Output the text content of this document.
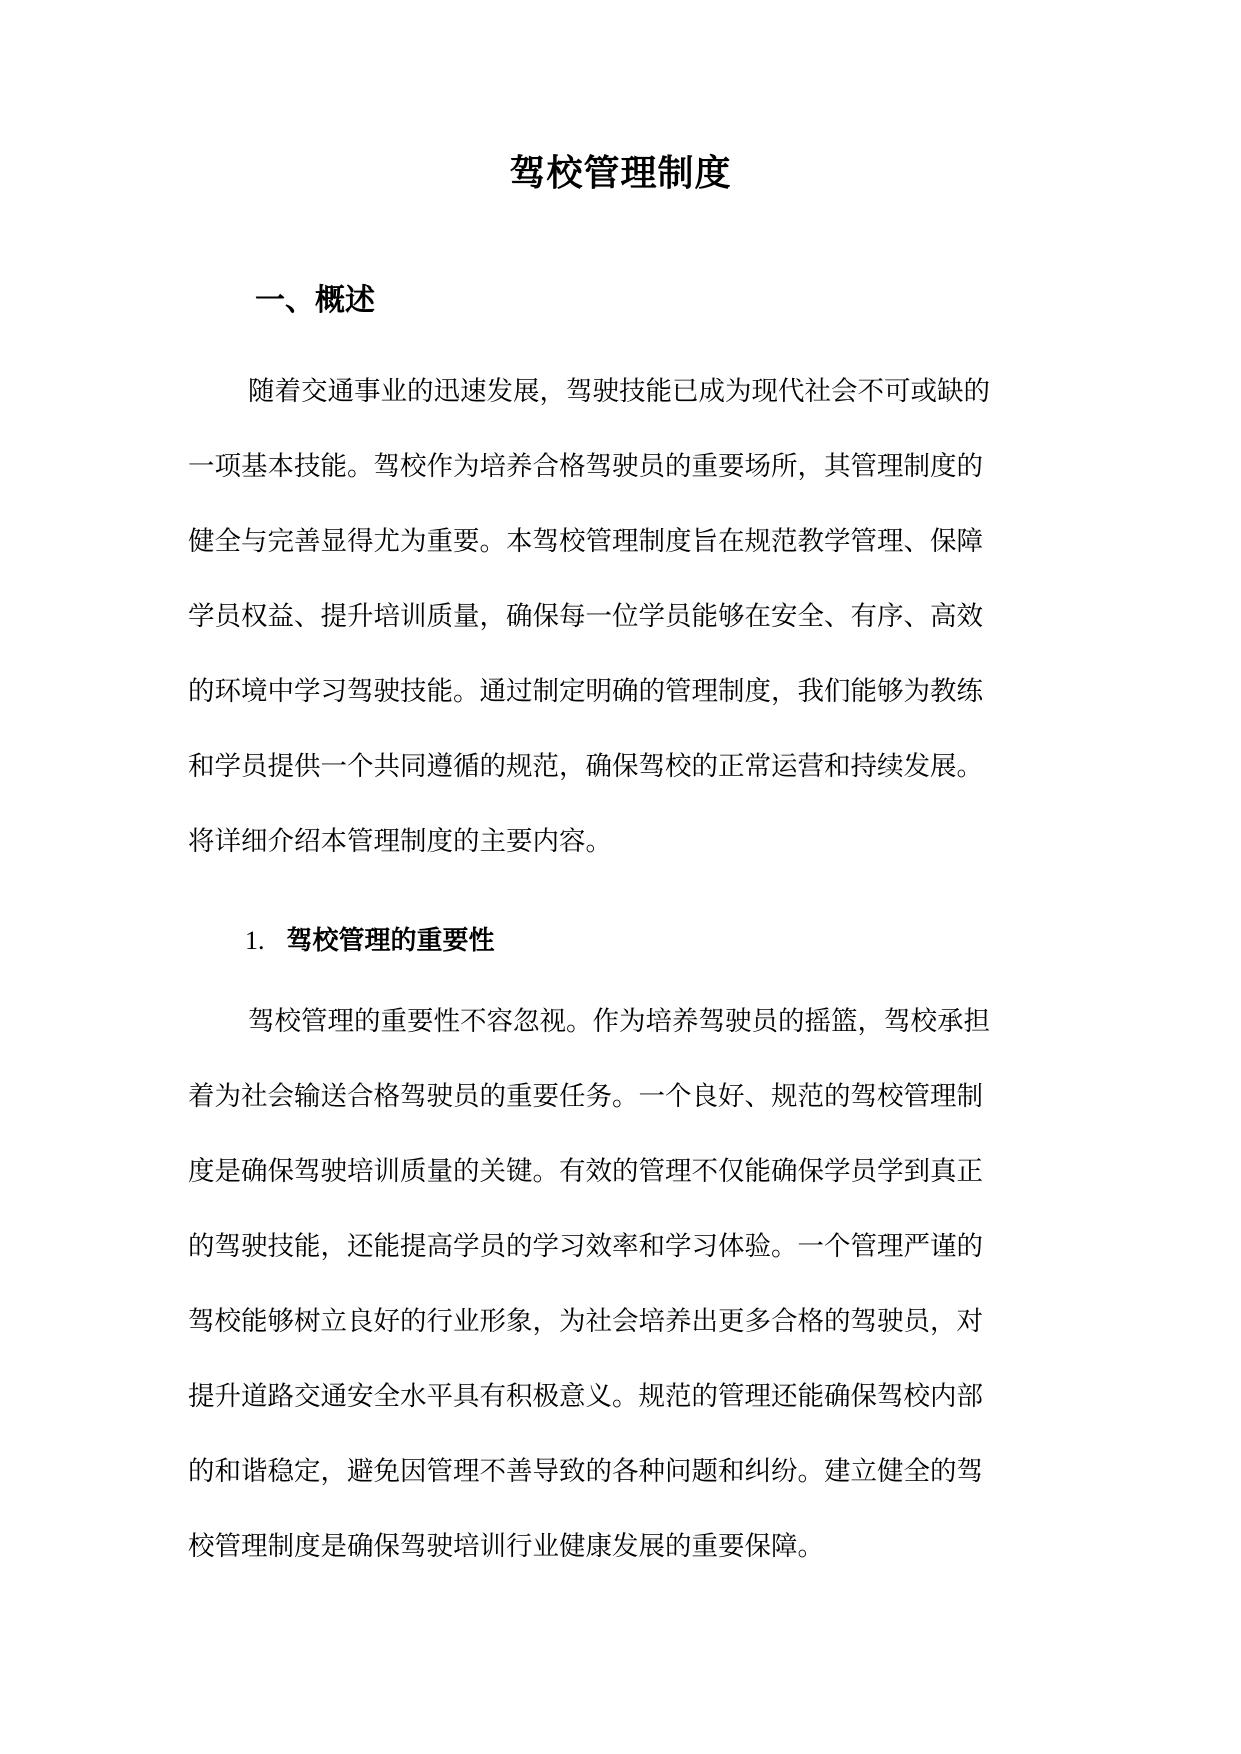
驾校管理制度
一、概述
随着交通事业的迅速发展，驾驶技能已成为现代社会不可或缺的
一项基本技能。驾校作为培养合格驾驶员的重要场所，其管理制度的
健全与完善显得尤为重要。本驾校管理制度旨在规范教学管理、保障
学员权益、提升培训质量，确保每一位学员能够在安全、有序、高效
的环境中学习驾驶技能。通过制定明确的管理制度，我们能够为教练
和学员提供一个共同遵循的规范，确保驾校的正常运营和持续发展。
将详细介绍本管理制度的主要内容。
1. 驾校管理的重要性
驾校管理的重要性不容忽视。作为培养驾驶员的摇篮，驾校承担
着为社会输送合格驾驶员的重要任务。一个良好、规范的驾校管理制
度是确保驾驶培训质量的关键。有效的管理不仅能确保学员学到真正
的驾驶技能，还能提高学员的学习效率和学习体验。一个管理严谨的
驾校能够树立良好的行业形象，为社会培养出更多合格的驾驶员，对
提升道路交通安全水平具有积极意义。规范的管理还能确保驾校内部
的和谐稳定，避免因管理不善导致的各种问题和纠纷。建立健全的驾
校管理制度是确保驾驶培训行业健康发展的重要保障。
